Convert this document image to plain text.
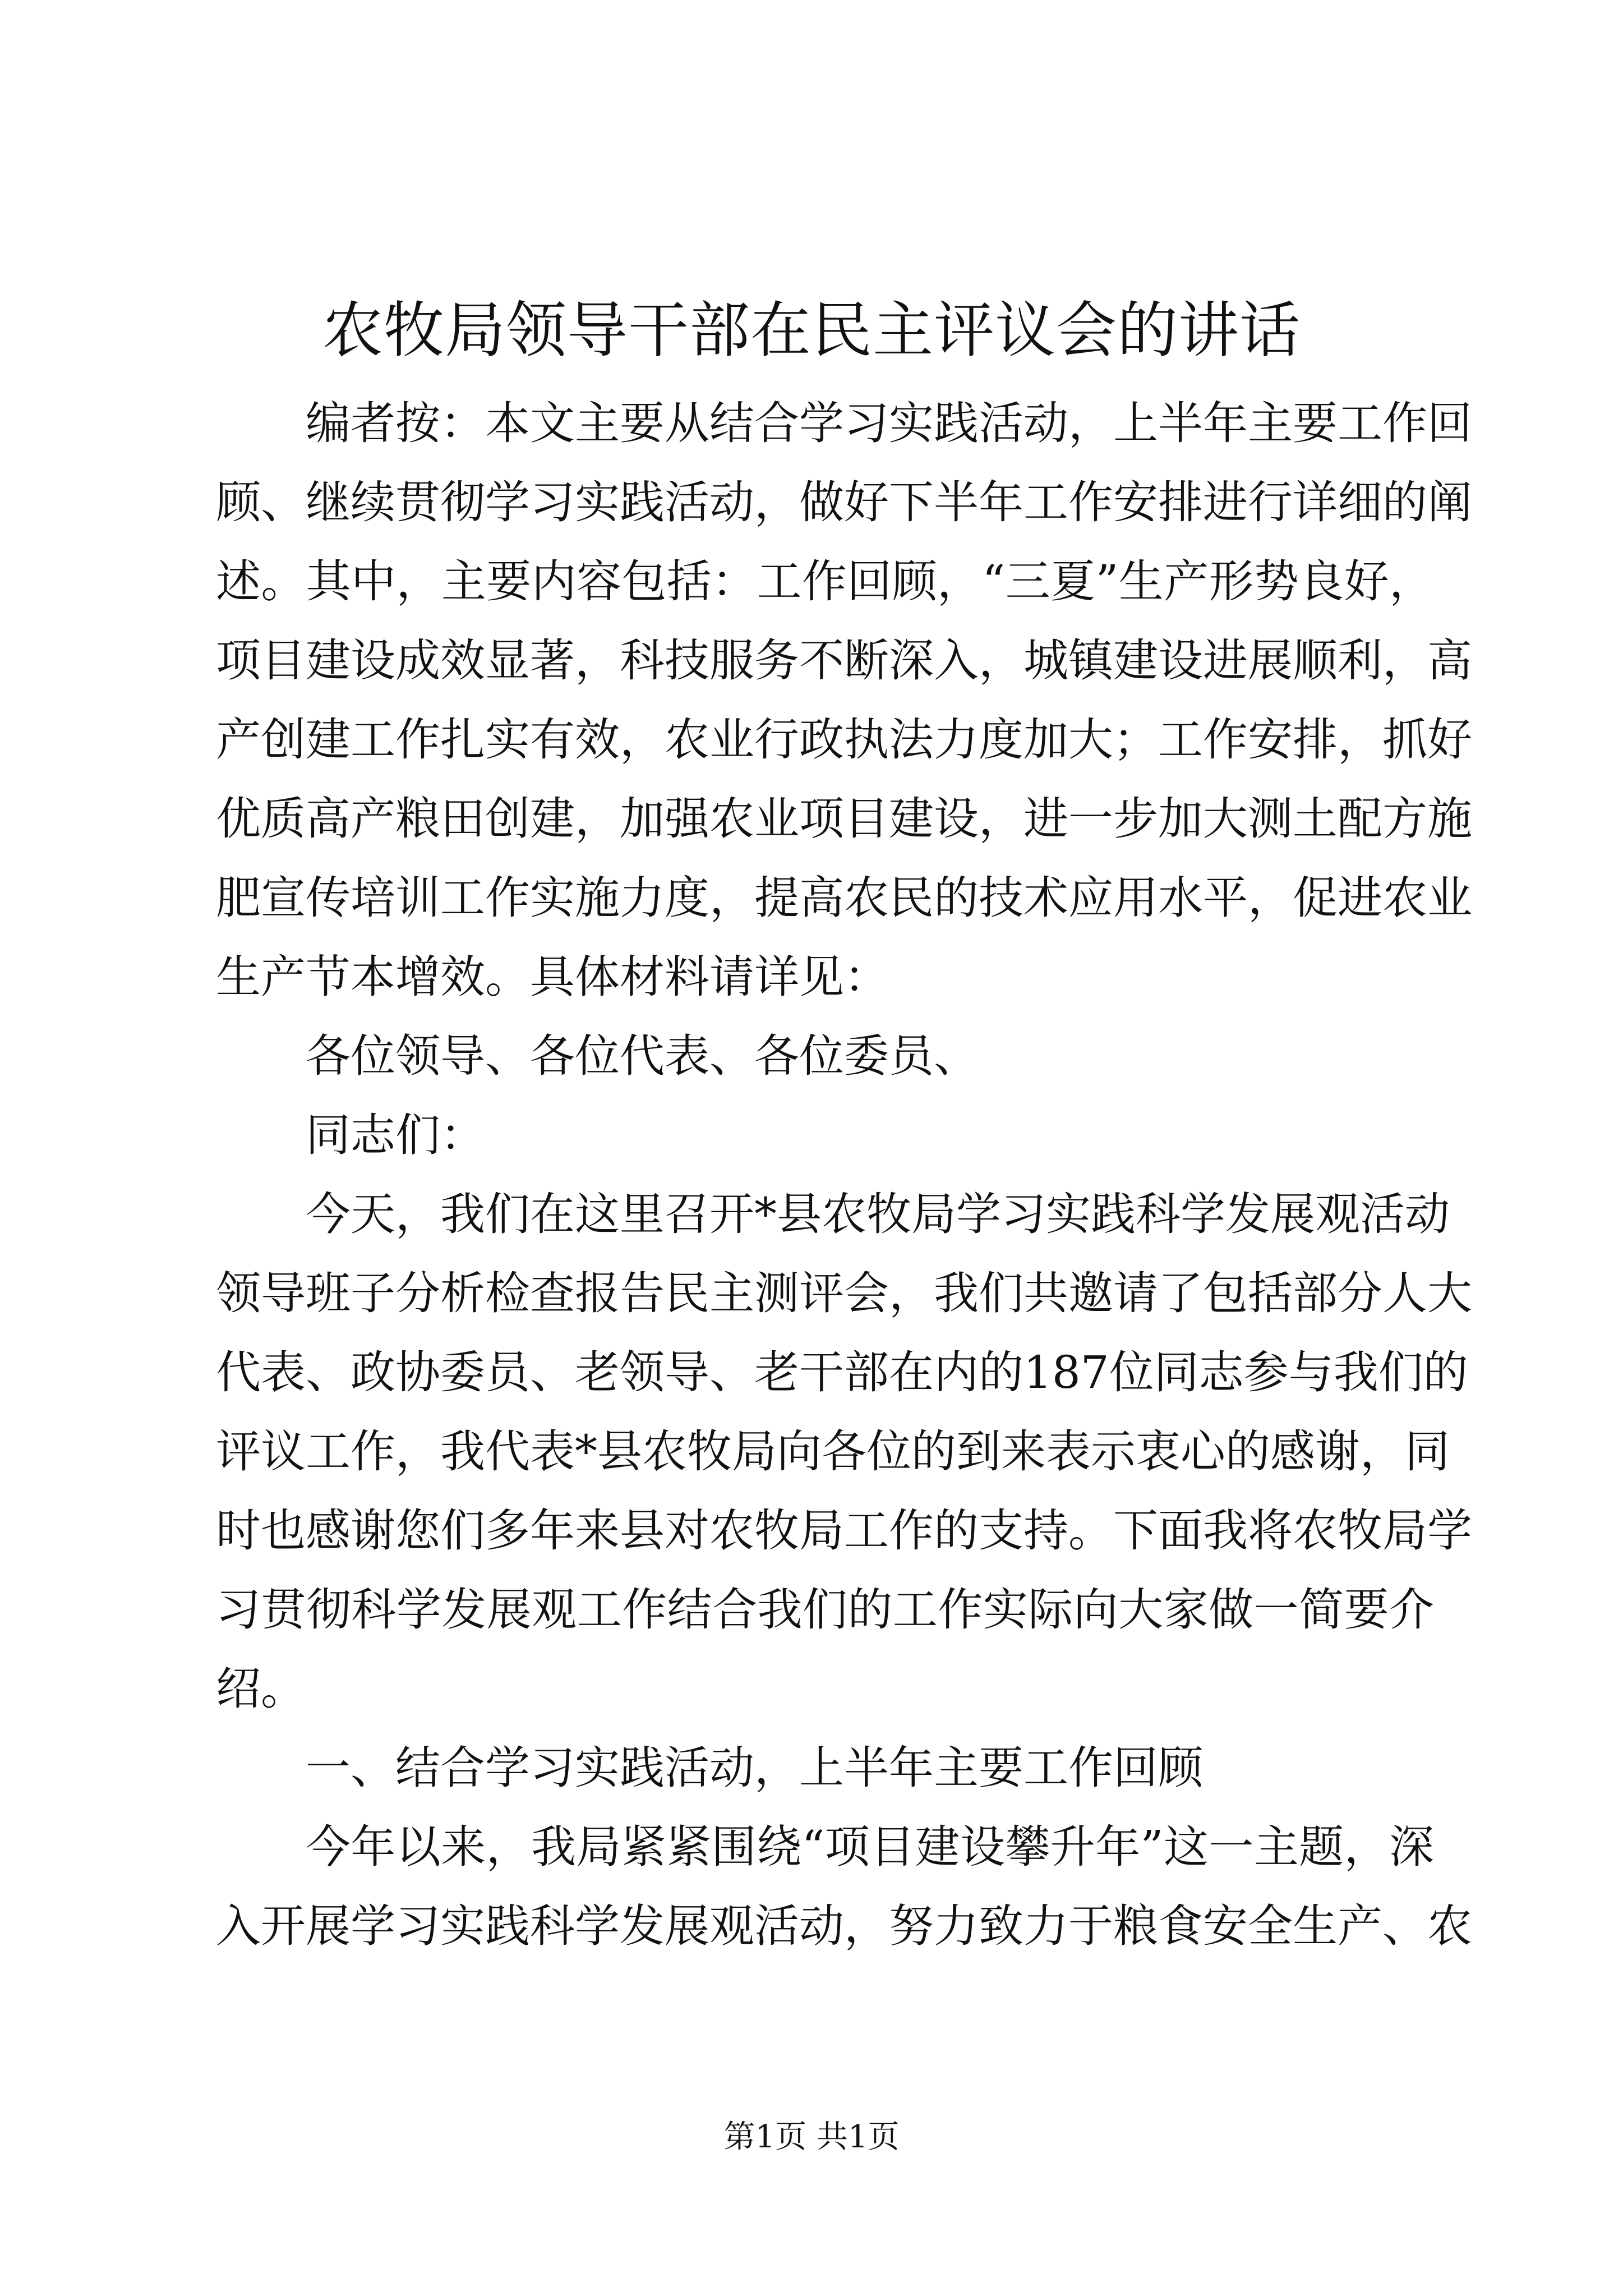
农牧局领导干部在民主评议会的讲话
编者按：本文主要从结合学习实践活动，上半年主要工作回
顾、继续贯彻学习实践活动，做好下半年工作安排进行详细的阐
述。其中，主要内容包括：工作回顾，“三夏”生产形势良好，
项目建设成效显著，科技服务不断深入，城镇建设进展顺利，高
产创建工作扎实有效，农业行政执法力度加大；工作安排，抓好
优质高产粮田创建，加强农业项目建设，进一步加大测土配方施
肥宣传培训工作实施力度，提高农民的技术应用水平，促进农业
生产节本增效。具体材料请详见：
各位领导、各位代表、各位委员、
同志们：
今天，我们在这里召开*县农牧局学习实践科学发展观活动
领导班子分析检查报告民主测评会，我们共邀请了包括部分人大
代表、政协委员、老领导、老干部在内的187位同志参与我们的
评议工作，我代表*县农牧局向各位的到来表示衷心的感谢，同
时也感谢您们多年来县对农牧局工作的支持。下面我将农牧局学
习贯彻科学发展观工作结合我们的工作实际向大家做一简要介
绍。
一、结合学习实践活动，上半年主要工作回顾
今年以来，我局紧紧围绕“项目建设攀升年”这一主题，深
入开展学习实践科学发展观活动，努力致力于粮食安全生产、农
第1页 共1页
